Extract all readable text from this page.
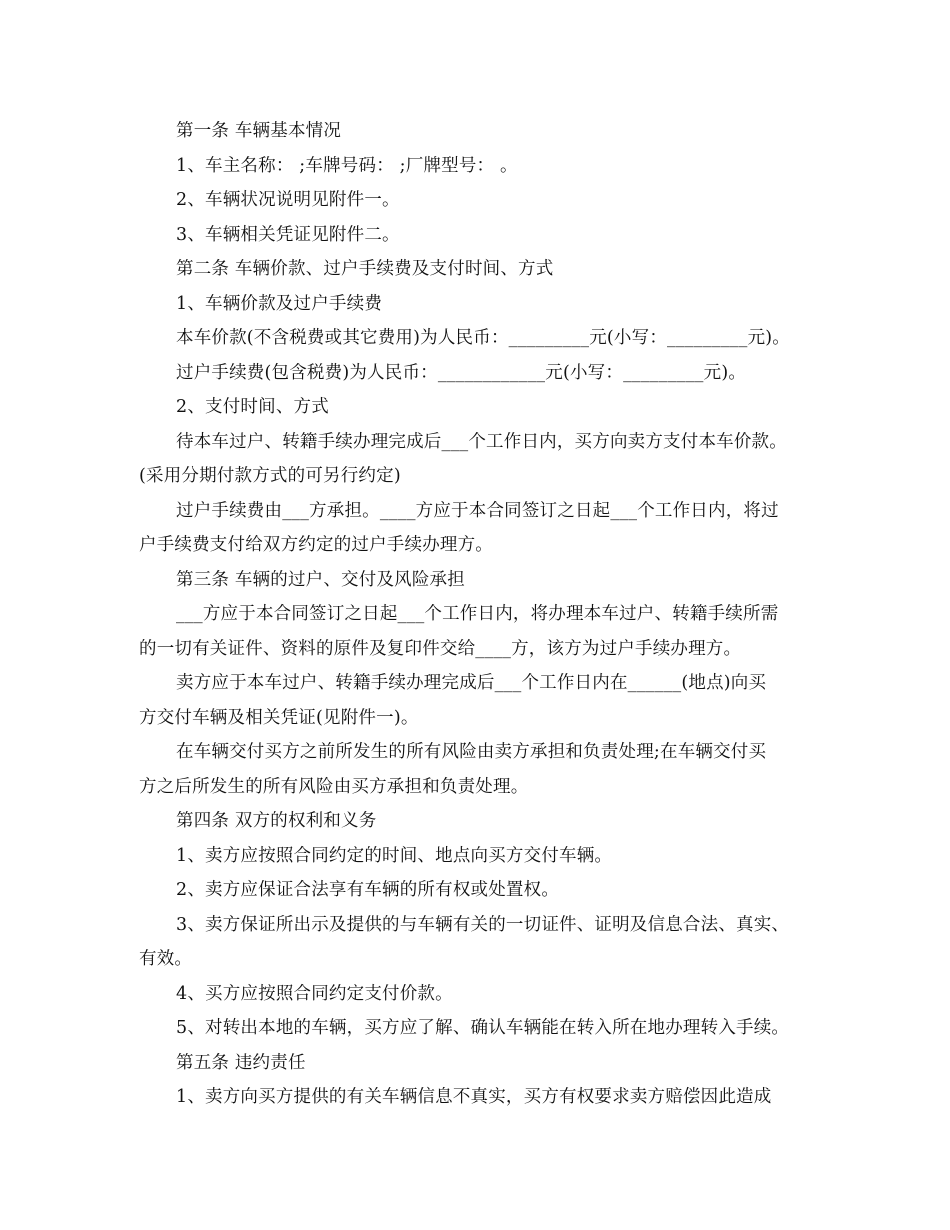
第一条 车辆基本情况
1、车主名称： ;车牌号码： ;厂牌型号： 。
2、车辆状况说明见附件一。
3、车辆相关凭证见附件二。
第二条 车辆价款、过户手续费及支付时间、方式
1、车辆价款及过户手续费
本车价款(不含税费或其它费用)为人民币：_________元(小写：_________元)。
过户手续费(包含税费)为人民币：____________元(小写：_________元)。
2、支付时间、方式
待本车过户、转籍手续办理完成后___个工作日内，买方向卖方支付本车价款。
(采用分期付款方式的可另行约定)
过户手续费由___方承担。____方应于本合同签订之日起___个工作日内，将过
户手续费支付给双方约定的过户手续办理方。
第三条 车辆的过户、交付及风险承担
___方应于本合同签订之日起___个工作日内，将办理本车过户、转籍手续所需
的一切有关证件、资料的原件及复印件交给____方，该方为过户手续办理方。
卖方应于本车过户、转籍手续办理完成后___个工作日内在______(地点)向买
方交付车辆及相关凭证(见附件一)。
在车辆交付买方之前所发生的所有风险由卖方承担和负责处理;在车辆交付买
方之后所发生的所有风险由买方承担和负责处理。
第四条 双方的权利和义务
1、卖方应按照合同约定的时间、地点向买方交付车辆。
2、卖方应保证合法享有车辆的所有权或处置权。
3、卖方保证所出示及提供的与车辆有关的一切证件、证明及信息合法、真实、
有效。
4、买方应按照合同约定支付价款。
5、对转出本地的车辆，买方应了解、确认车辆能在转入所在地办理转入手续。
第五条 违约责任
1、卖方向买方提供的有关车辆信息不真实，买方有权要求卖方赔偿因此造成
